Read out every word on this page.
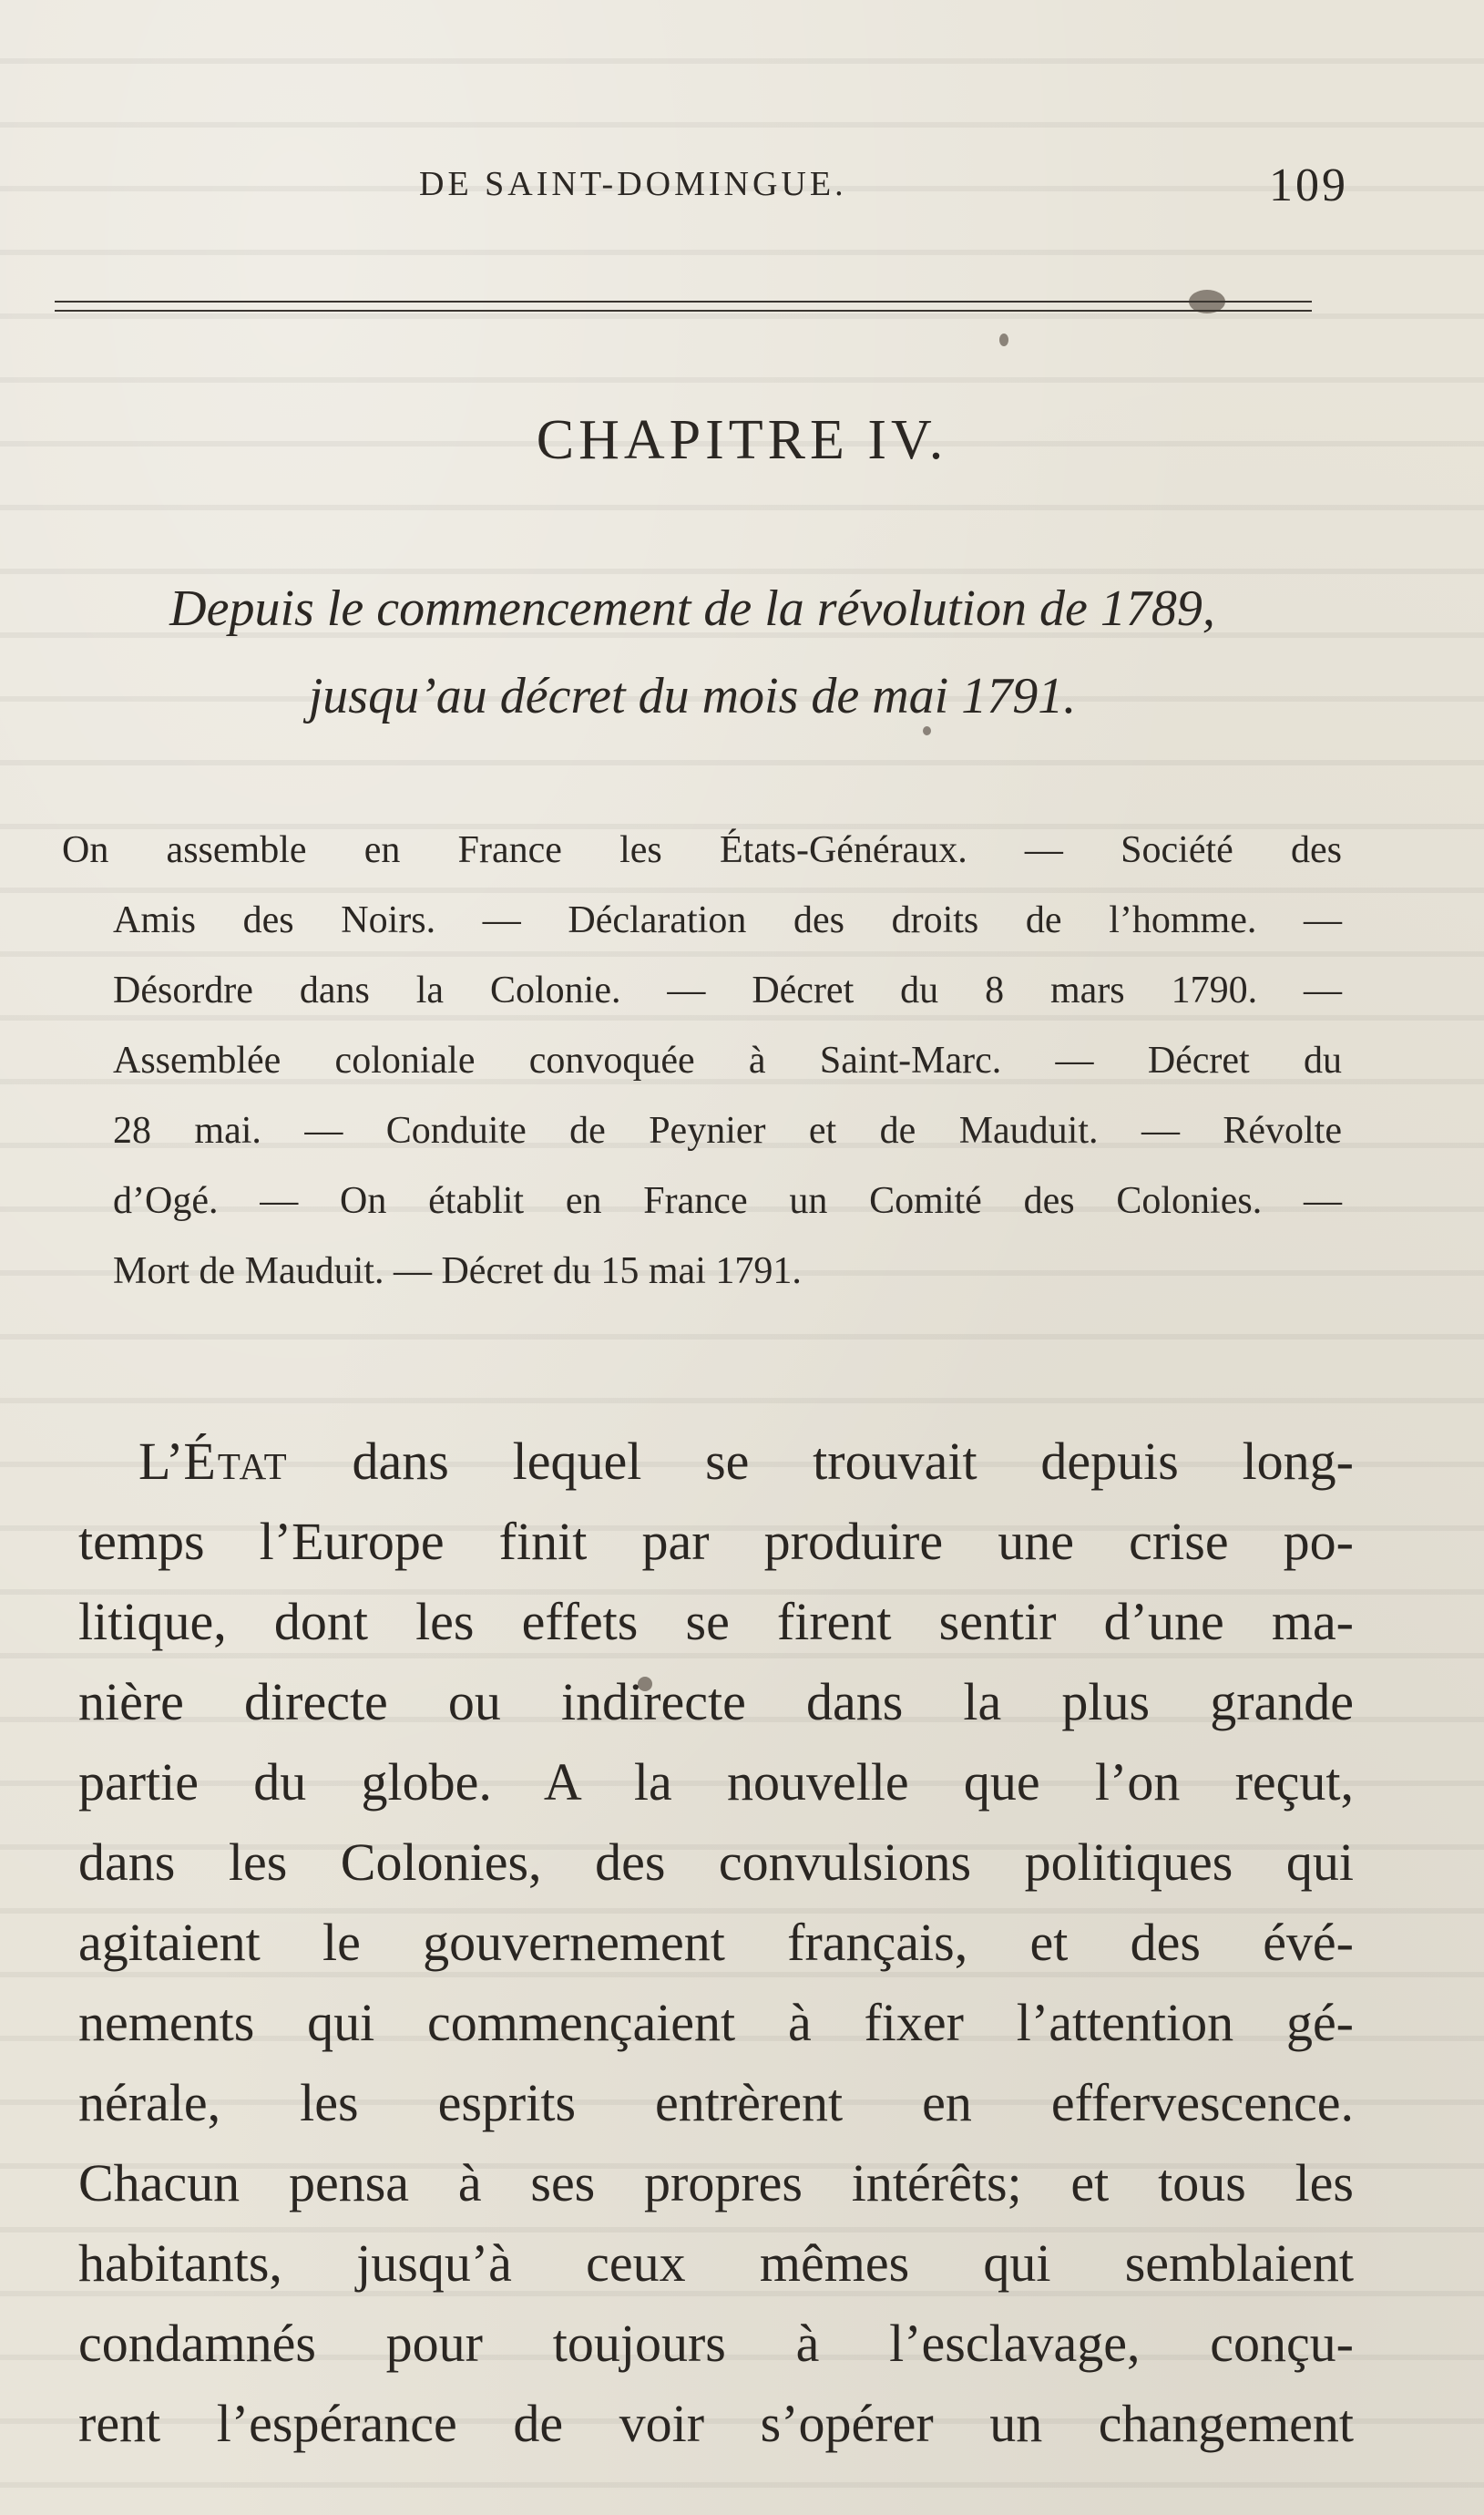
DE SAINT-DOMINGUE.	109
CHAPITRE IV.
Depuis le commencement de la révolution de 1789,
jusqu’au décret du mois de mai 1791.
On assemble en France les États-Généraux. — Société des
Amis des Noirs. — Déclaration des droits de l’homme. —
Désordre dans la Colonie. — Décret du 8 mars 1790. —
Assemblée coloniale convoquée à Saint-Marc. — Décret du
28 mai. — Conduite de Peynier et de Mauduit. — Révolte
d’Ogé. — On établit en France un Comité des Colonies. —
Mort de Mauduit. — Décret du 15 mai 1791.
L’État dans lequel se trouvait depuis long-
temps l’Europe finit par produire une crise po-
litique, dont les effets se firent sentir d’une ma-
nière directe ou indirecte dans la plus grande
partie du globe. A la nouvelle que l’on reçut,
dans les Colonies, des convulsions politiques qui
agitaient le gouvernement français, et des évé-
nements qui commençaient à fixer l’attention gé-
nérale, les esprits entrèrent en effervescence.
Chacun pensa à ses propres intérêts; et tous les
habitants, jusqu’à ceux mêmes qui semblaient
condamnés pour toujours à l’esclavage, conçu-
rent l’espérance de voir s’opérer un changement
